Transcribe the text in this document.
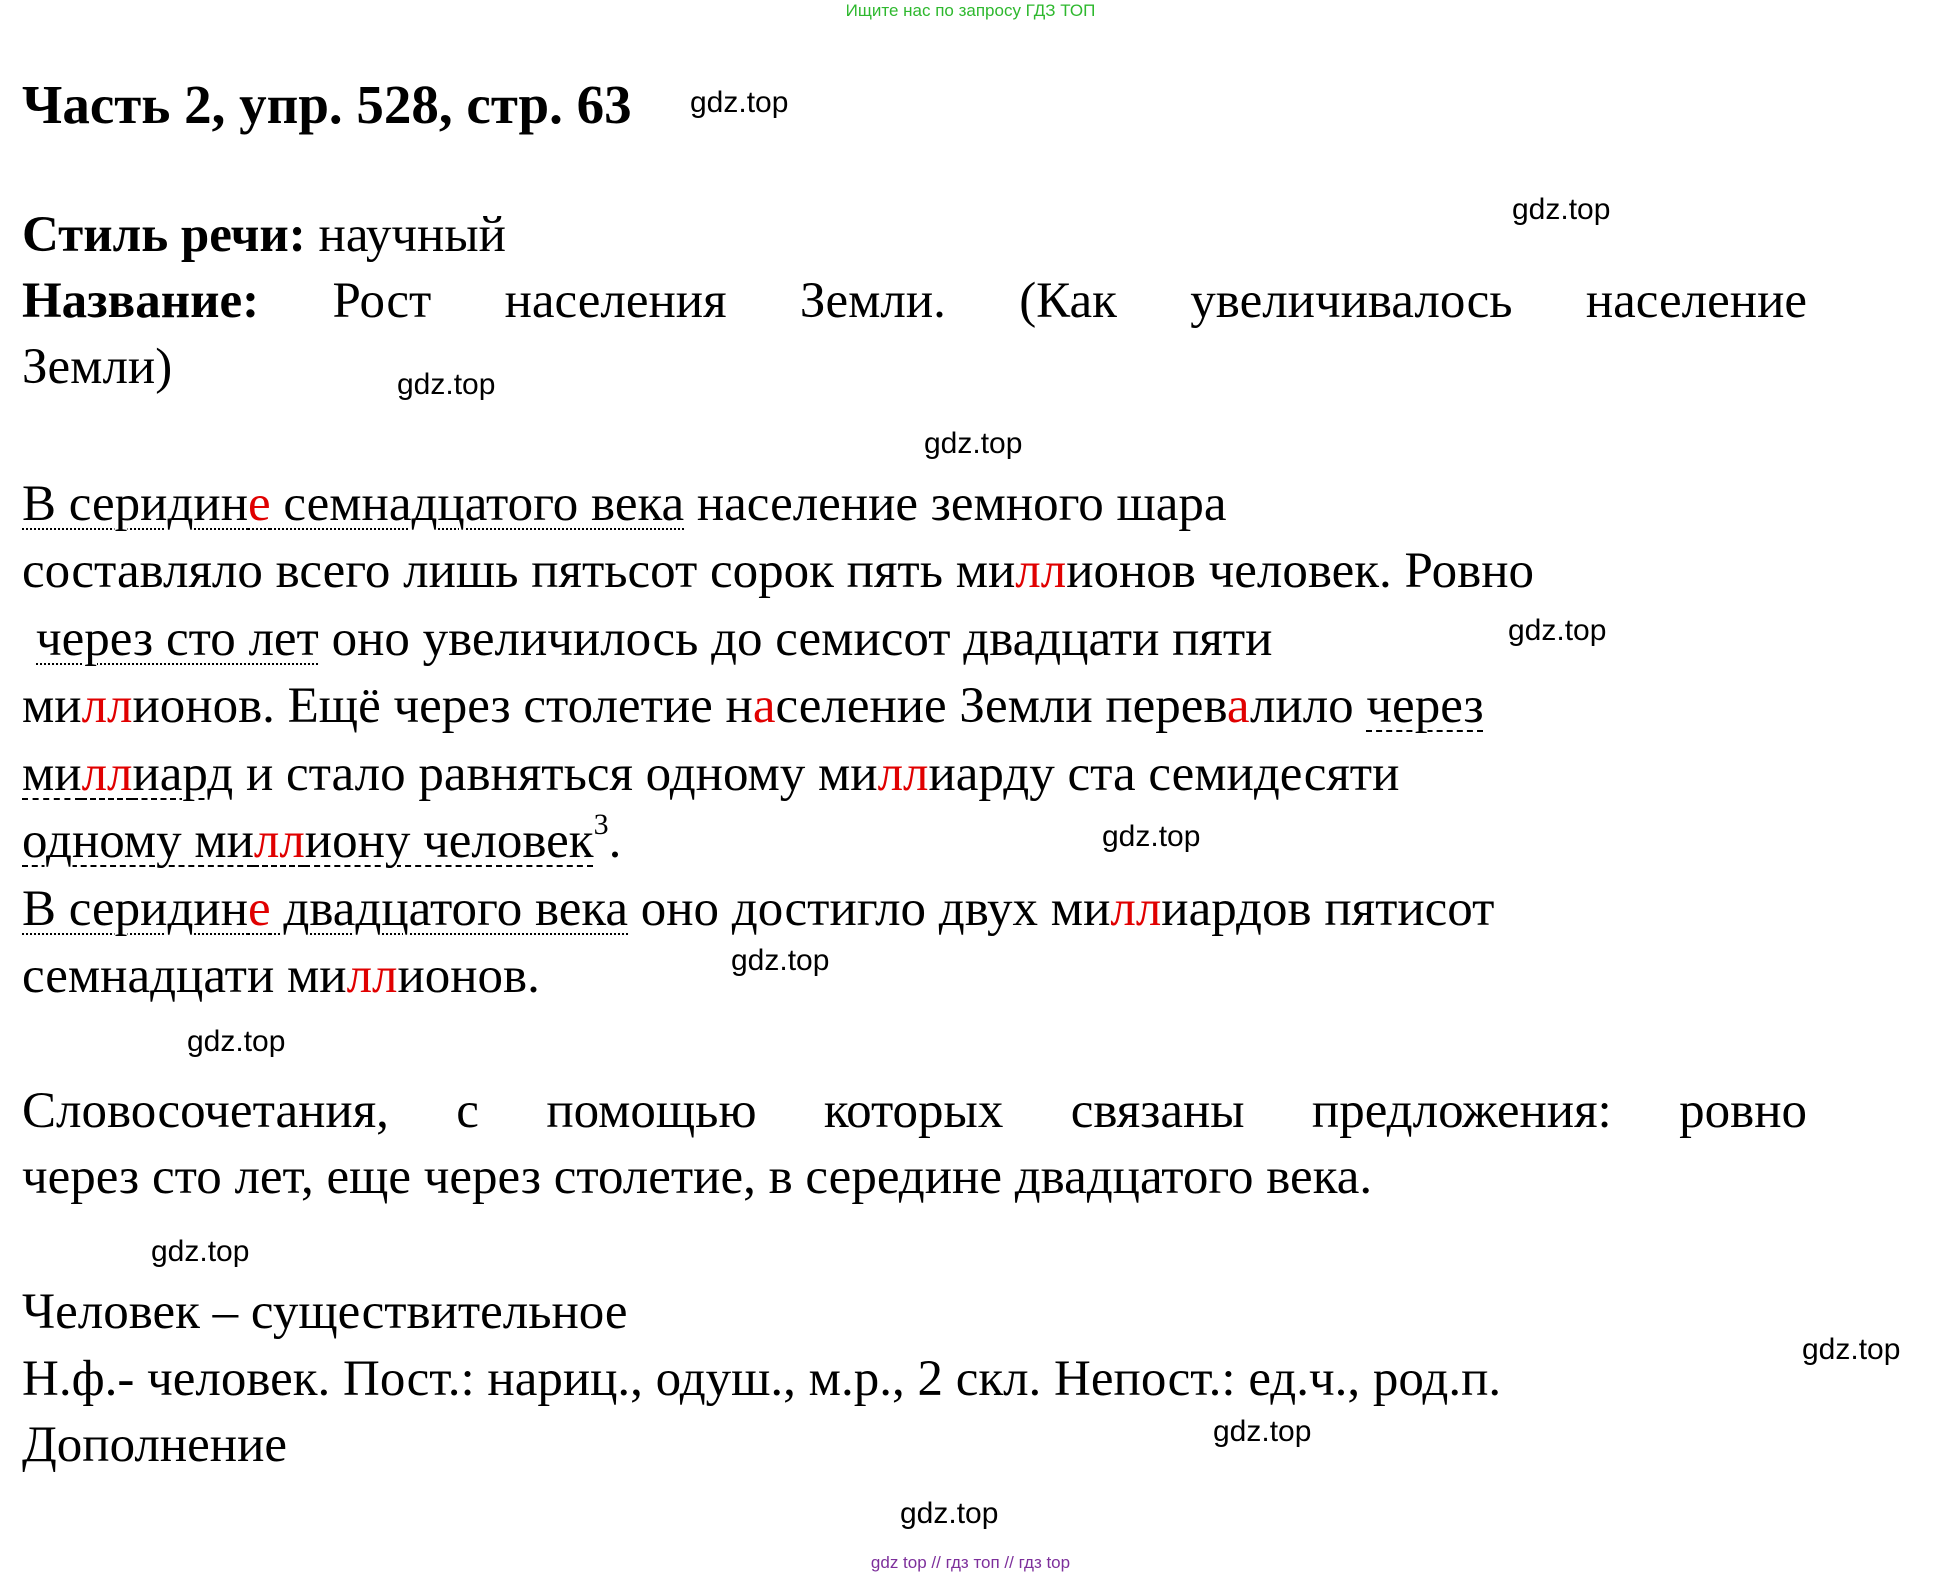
Ищите нас по запросу ГДЗ ТОП
Часть 2, упр. 528, стр. 63 gdz.top
gdz.top
gdz.top
gdz.top
gdz.top
gdz.top
gdz.top
gdz.top
gdz.top
gdz.top
gdz.top
gdz.top
Стиль речи: научный
Название: Рост населения Земли. (Как увеличивалось население
Земли)
В серидине семнадцатого века население земного шара
составляло всего лишь пятьсот сорок пять миллионов человек. Ровно
через сто лет оно увеличилось до семисот двадцати пяти
миллионов. Ещё через столетие население Земли перевалило через
миллиард и стало равняться одному миллиарду ста семидесяти
одному миллиону человек$^3$.
В серидине двадцатого века оно достигло двух миллиардов пятисот
семнадцати миллионов.
Словосочетания, с помощью которых связаны предложения: ровно
через сто лет, еще через столетие, в середине двадцатого века.
Человек – существительное
Н.ф.- человек. Пост.: нариц., одуш., м.р., 2 скл. Непост.: ед.ч., род.п.
Дополнение
gdz top // гдз топ // гдз top
